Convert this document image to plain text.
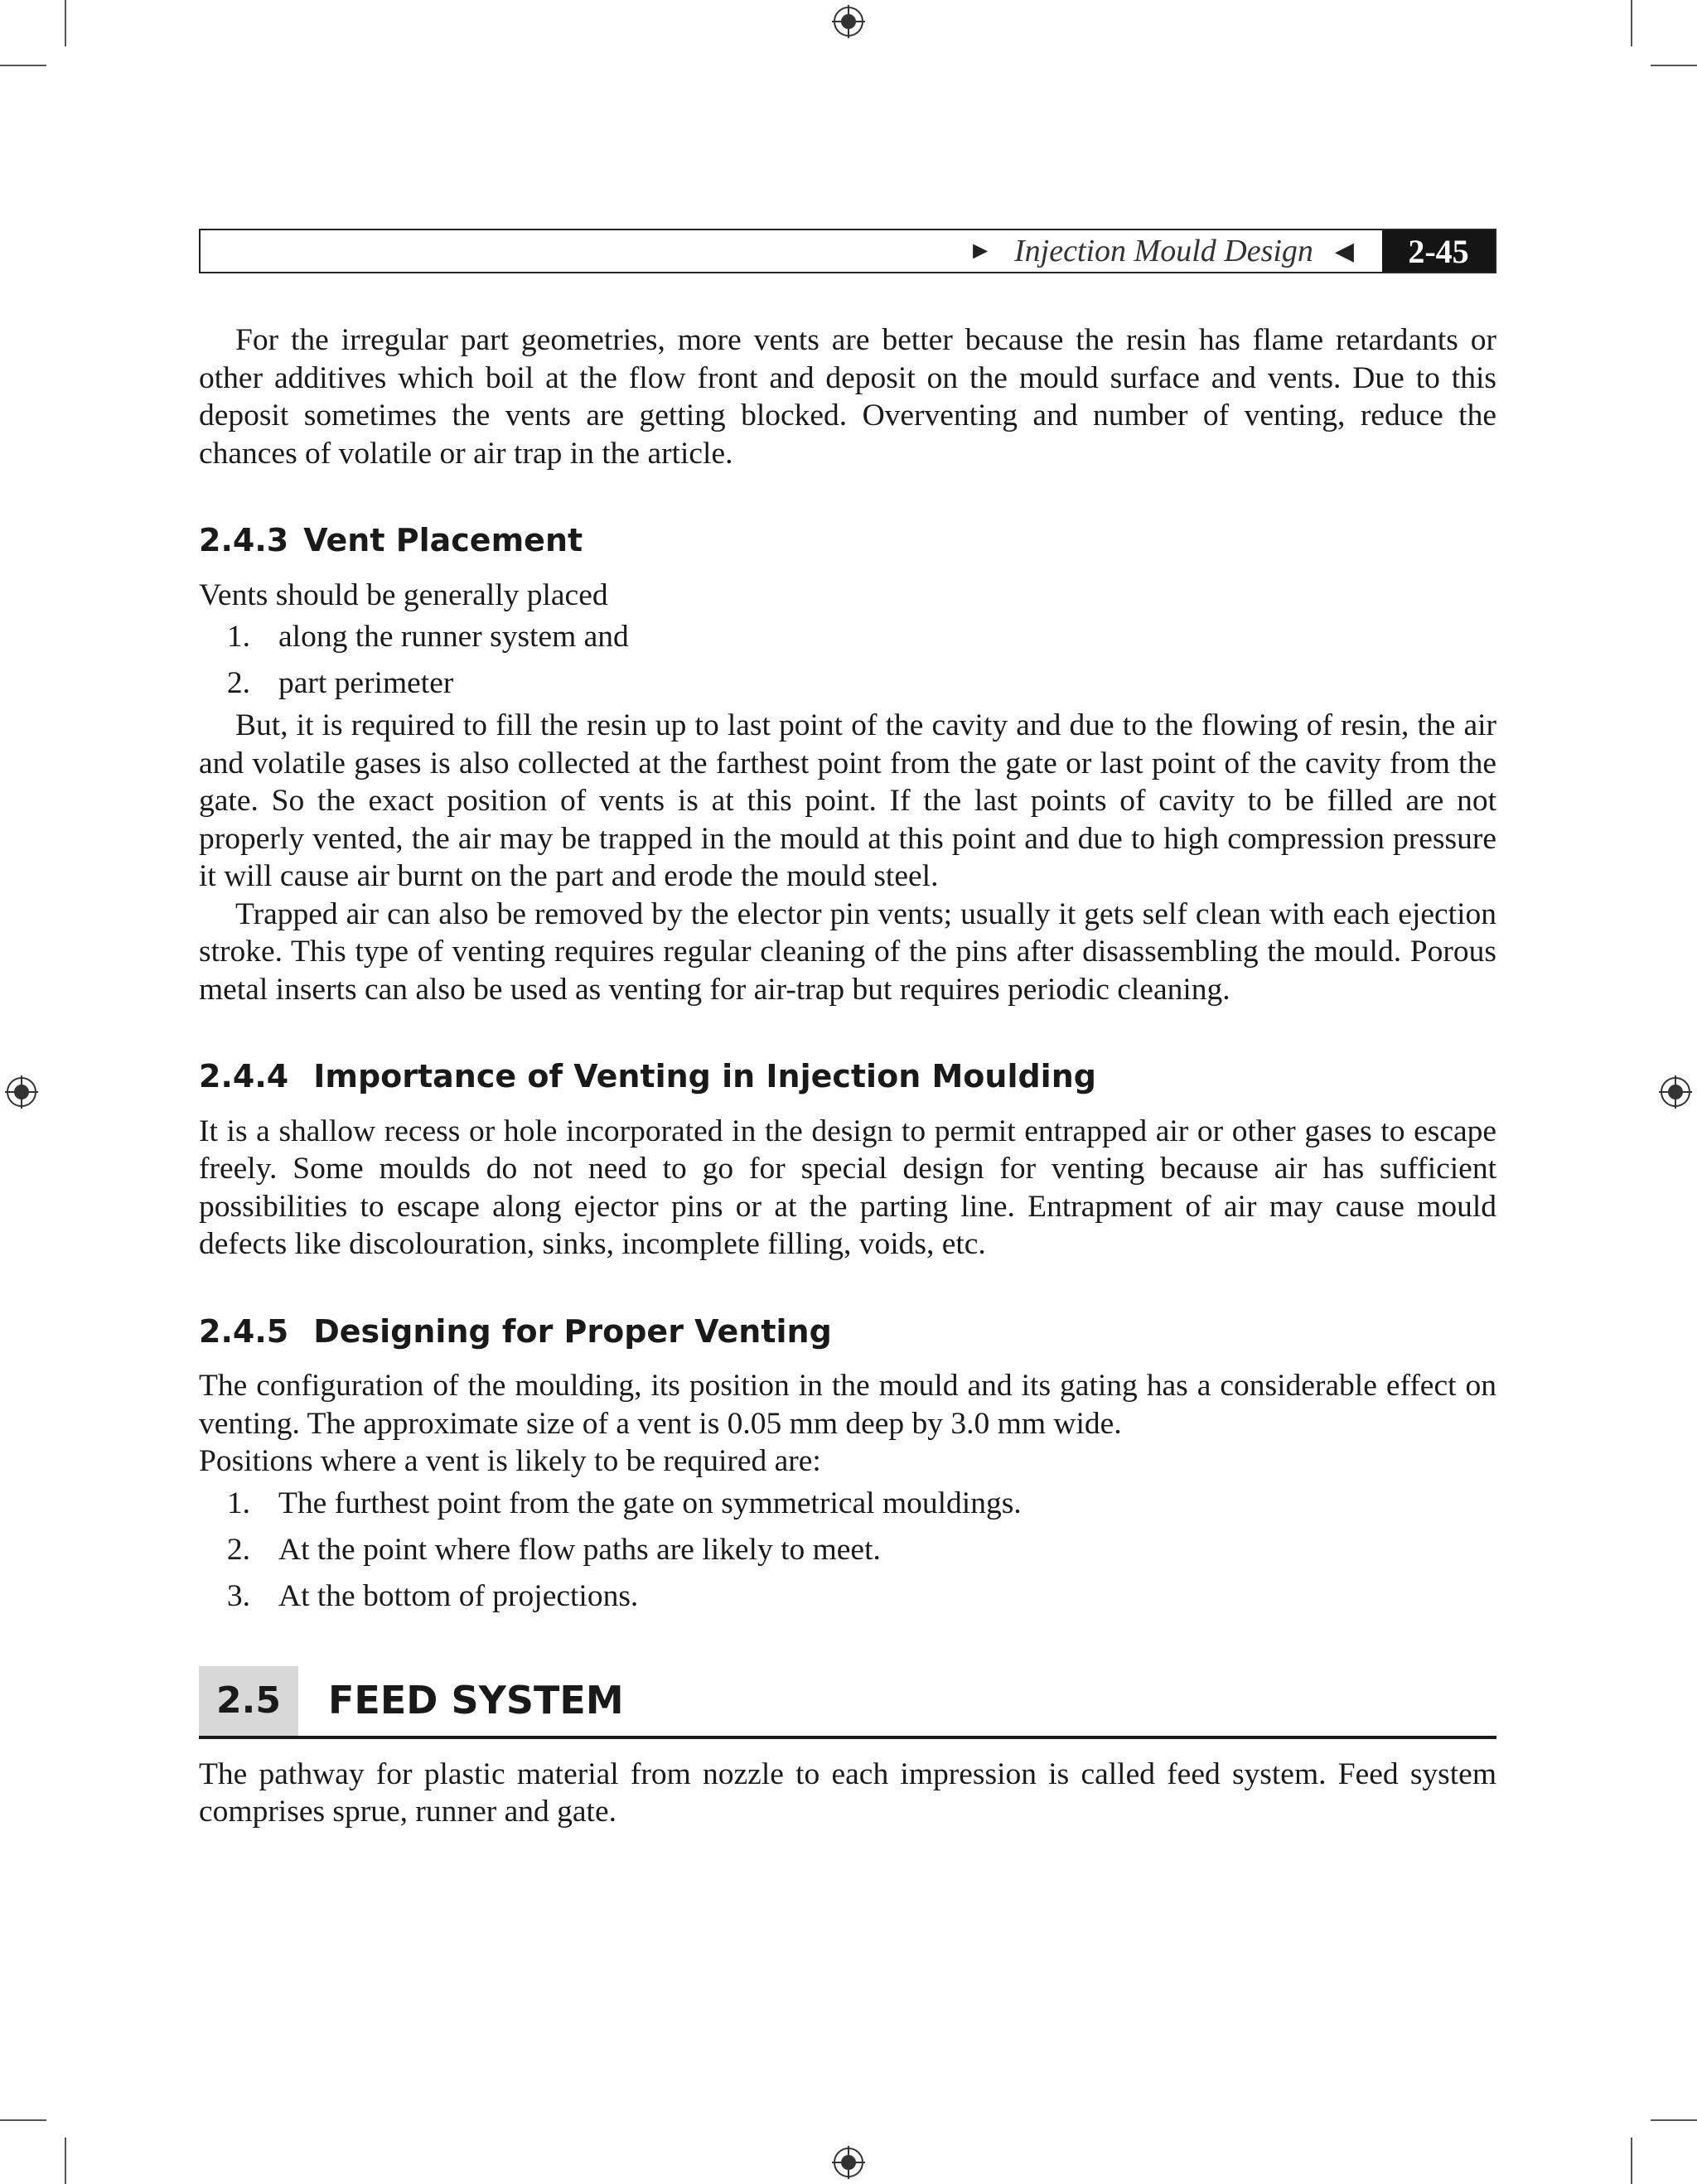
► Injection Mould Design ◀	2-45

For the irregular part geometries, more vents are better because the resin has flame retardants or other additives which boil at the flow front and deposit on the mould surface and vents. Due to this deposit sometimes the vents are getting blocked. Overventing and number of venting, reduce the chances of volatile or air trap in the article.

2.4.3 Vent Placement

Vents should be generally placed

1. along the runner system and
2. part perimeter

But, it is required to fill the resin up to last point of the cavity and due to the flowing of resin, the air and volatile gases is also collected at the farthest point from the gate or last point of the cavity from the gate. So the exact position of vents is at this point. If the last points of cavity to be filled are not properly vented, the air may be trapped in the mould at this point and due to high compression pressure it will cause air burnt on the part and erode the mould steel.

Trapped air can also be removed by the elector pin vents; usually it gets self clean with each ejection stroke. This type of venting requires regular cleaning of the pins after disassembling the mould. Porous metal inserts can also be used as venting for air-trap but requires periodic cleaning.

2.4.4 Importance of Venting in Injection Moulding

It is a shallow recess or hole incorporated in the design to permit entrapped air or other gases to escape freely. Some moulds do not need to go for special design for venting because air has sufficient possibilities to escape along ejector pins or at the parting line. Entrapment of air may cause mould defects like discolouration, sinks, incomplete filling, voids, etc.

2.4.5 Designing for Proper Venting

The configuration of the moulding, its position in the mould and its gating has a considerable effect on venting. The approximate size of a vent is 0.05 mm deep by 3.0 mm wide.

Positions where a vent is likely to be required are:

1. The furthest point from the gate on symmetrical mouldings.
2. At the point where flow paths are likely to meet.
3. At the bottom of projections.
2.5	FEED SYSTEM

The pathway for plastic material from nozzle to each impression is called feed system. Feed system comprises sprue, runner and gate.
